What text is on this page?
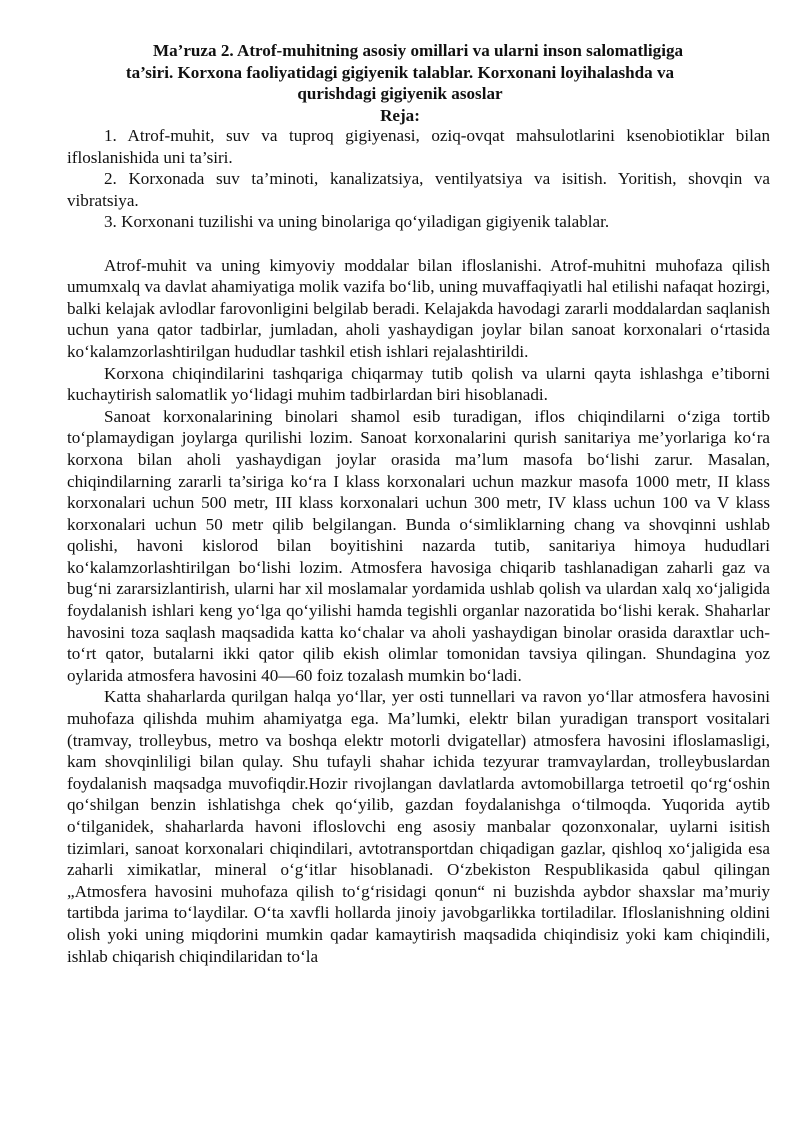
Ma’ruza 2. Atrof-muhitning asosiy omillari va ularni inson salomatligiga
ta’siri. Korxona faoliyatidagi gigiyenik talablar. Korxonani loyihalashda va
qurishdagi gigiyenik asoslar
Reja:

1. Atrof-muhit, suv va tuproq gigiyenasi, oziq-ovqat mahsulotlarini ksenobiotiklar bilan ifloslanishida uni ta’siri.

2. Korxonada suv ta’minoti, kanalizatsiya, ventilyatsiya va isitish. Yoritish, shovqin va vibratsiya.

3. Korxonani tuzilishi va uning binolariga qo‘yiladigan gigiyenik talablar.

Atrof-muhit va uning kimyoviy moddalar bilan ifloslanishi. Atrof-muhitni muhofaza qilish umumxalq va davlat ahamiyatiga molik vazifa bo‘lib, uning muvaffaqiyatli hal etilishi nafaqat hozirgi, balki kelajak avlodlar farovonligini belgilab beradi. Kelajakda havodagi zararli moddalardan saqlanish uchun yana qator tadbirlar, jumladan, aholi yashaydigan joylar bilan sanoat korxonalari o‘rtasida ko‘kalamzorlashtirilgan hududlar tashkil etish ishlari rejalashtirildi.

Korxona chiqindilarini tashqariga chiqarmay tutib qolish va ularni qayta ishlashga e’tiborni kuchaytirish salomatlik yo‘lidagi muhim tadbirlardan biri hisoblanadi.

Sanoat korxonalarining binolari shamol esib turadigan, iflos chiqindilarni o‘ziga tortib to‘plamaydigan joylarga qurilishi lozim. Sanoat korxonalarini qurish sanitariya me’yorlariga ko‘ra korxona bilan aholi yashaydigan joylar orasida ma’lum masofa bo‘lishi zarur. Masalan, chiqindilarning zararli ta’siriga ko‘ra I klass korxonalari uchun mazkur masofa 1000 metr, II klass korxonalari uchun 500 metr, III klass korxonalari uchun 300 metr, IV klass uchun 100 va V klass korxonalari uchun 50 metr qilib belgilangan. Bunda o‘simliklarning chang va shovqinni ushlab qolishi, havoni kislorod bilan boyitishini nazarda tutib, sanitariya himoya hududlari ko‘kalamzorlashtirilgan bo‘lishi lozim. Atmosfera havosiga chiqarib tashlanadigan zaharli gaz va bug‘ni zararsizlantirish, ularni har xil moslamalar yordamida ushlab qolish va ulardan xalq xo‘jaligida foydalanish ishlari keng yo‘lga qo‘yilishi hamda tegishli organlar nazoratida bo‘lishi kerak. Shaharlar havosini toza saqlash maqsadida katta ko‘chalar va aholi yashaydigan binolar orasida daraxtlar uch-to‘rt qator, butalarni ikki qator qilib ekish olimlar tomonidan tavsiya qilingan. Shundagina yoz oylarida atmosfera havosini 40—60 foiz tozalash mumkin bo‘ladi.

Katta shaharlarda qurilgan halqa yo‘llar, yer osti tunnellari va ravon yo‘llar atmosfera havosini muhofaza qilishda muhim ahamiyatga ega. Ma’lumki, elektr bilan yuradigan transport vositalari (tramvay, trolleybus, metro va boshqa elektr motorli dvigatellar) atmosfera havosini ifloslamasligi, kam shovqinliligi bilan qulay. Shu tufayli shahar ichida tezyurar tramvaylardan, trolleybuslardan foydalanish maqsadga muvofiqdir.Hozir rivojlangan davlatlarda avtomobillarga tetroetil qo‘rg‘oshin qo‘shilgan benzin ishlatishga chek qo‘yilib, gazdan foydalanishga o‘tilmoqda. Yuqorida aytib o‘tilganidek, shaharlarda havoni ifloslovchi eng asosiy manbalar qozonxonalar, uylarni isitish tizimlari, sanoat korxonalari chiqindilari, avtotransportdan chiqadigan gazlar, qishloq xo‘jaligida esa zaharli ximikatlar, mineral o‘g‘itlar hisoblanadi. O‘zbekiston Respublikasida qabul qilingan „Atmosfera havosini muhofaza qilish to‘g‘risidagi qonun“ ni buzishda aybdor shaxslar ma’muriy tartibda jarima to‘laydilar. O‘ta xavfli hollarda jinoiy javobgarlikka tortiladilar. Ifloslanishning oldini olish yoki uning miqdorini mumkin qadar kamaytirish maqsadida chiqindisiz yoki kam chiqindili, ishlab chiqarish chiqindilaridan to‘la
